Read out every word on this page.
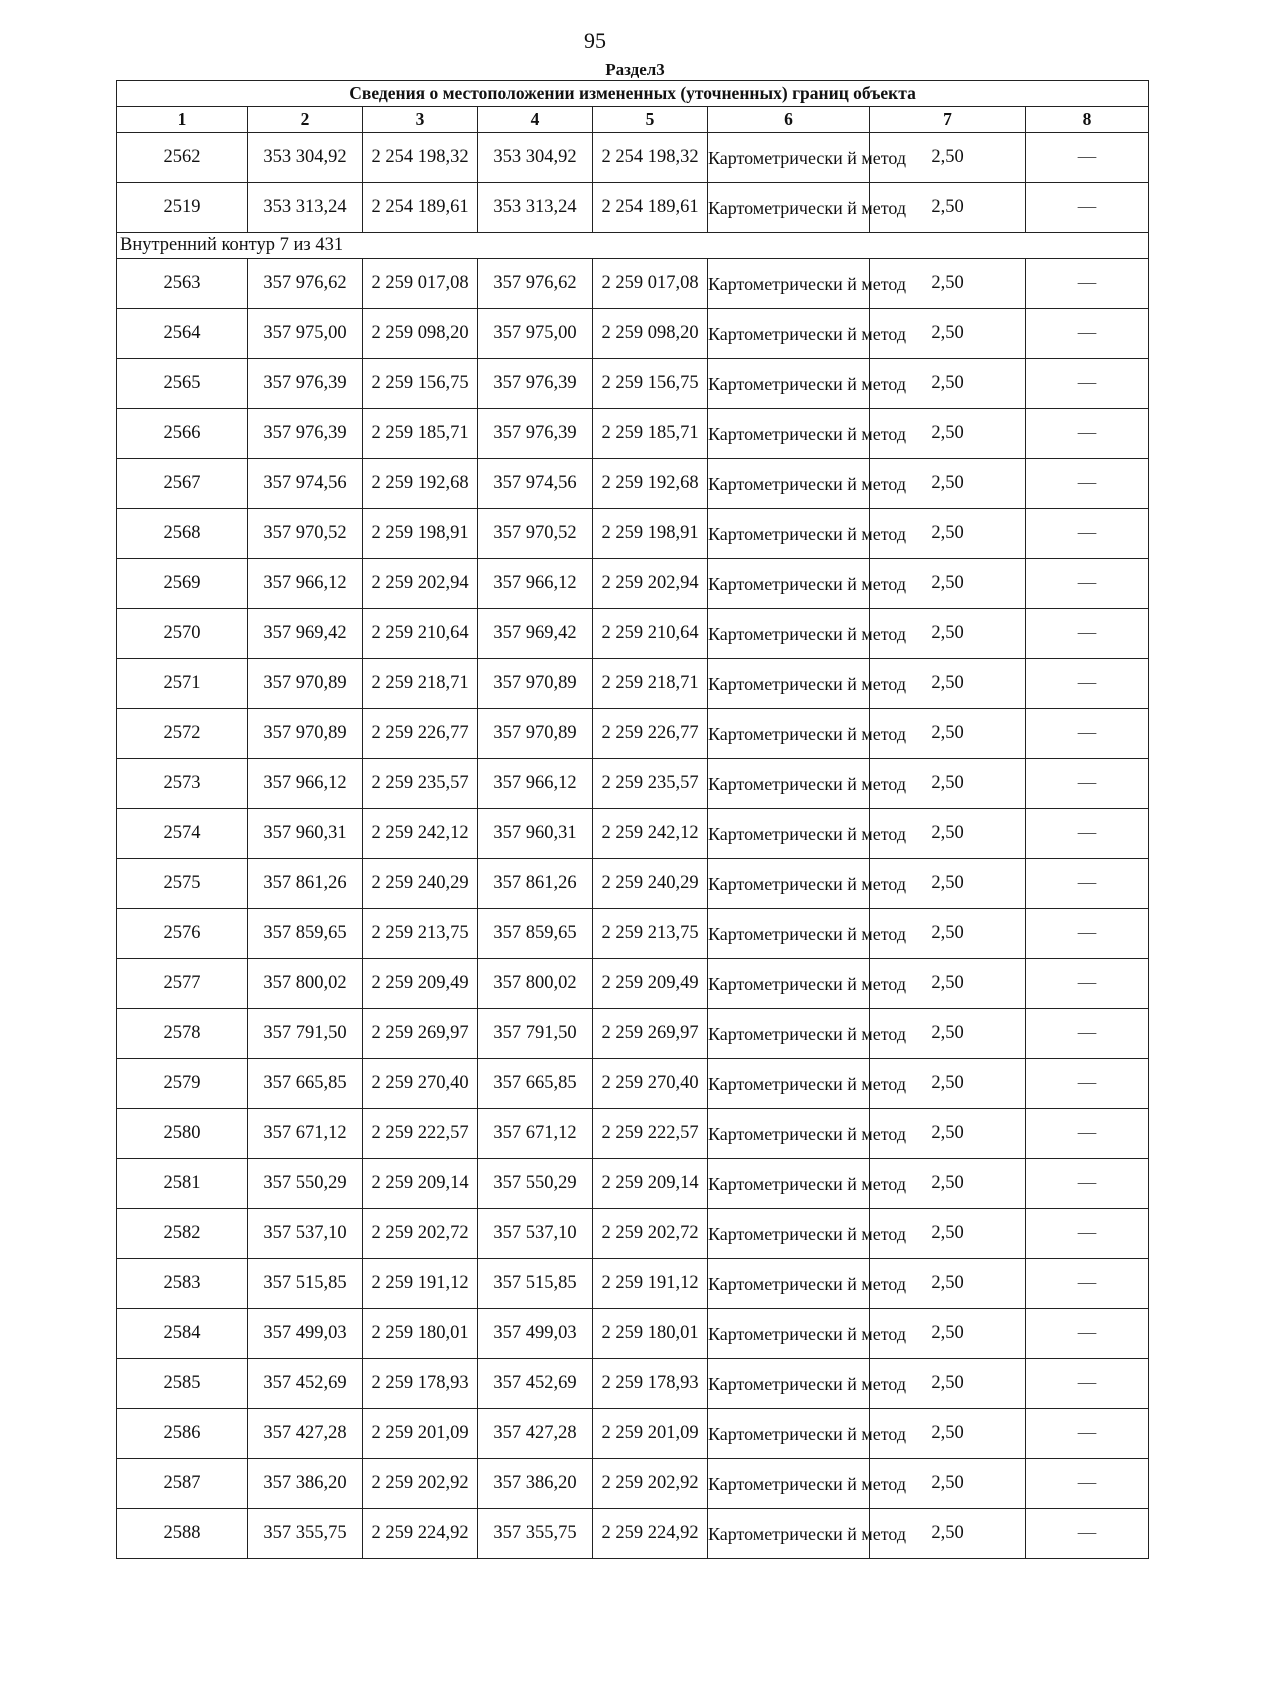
95
Раздел3
Сведения о местоположении измененных (уточненных) границ объекта							
1	2	3	4	5	6	7	8
2562	353 304,92	2 254 198,32	353 304,92	2 254 198,32	Картометрически й метод	2,50	—
2519	353 313,24	2 254 189,61	353 313,24	2 254 189,61	Картометрически й метод	2,50	—
Внутренний контур 7 из 431							
2563	357 976,62	2 259 017,08	357 976,62	2 259 017,08	Картометрически й метод	2,50	—
2564	357 975,00	2 259 098,20	357 975,00	2 259 098,20	Картометрически й метод	2,50	—
2565	357 976,39	2 259 156,75	357 976,39	2 259 156,75	Картометрически й метод	2,50	—
2566	357 976,39	2 259 185,71	357 976,39	2 259 185,71	Картометрически й метод	2,50	—
2567	357 974,56	2 259 192,68	357 974,56	2 259 192,68	Картометрически й метод	2,50	—
2568	357 970,52	2 259 198,91	357 970,52	2 259 198,91	Картометрически й метод	2,50	—
2569	357 966,12	2 259 202,94	357 966,12	2 259 202,94	Картометрически й метод	2,50	—
2570	357 969,42	2 259 210,64	357 969,42	2 259 210,64	Картометрически й метод	2,50	—
2571	357 970,89	2 259 218,71	357 970,89	2 259 218,71	Картометрически й метод	2,50	—
2572	357 970,89	2 259 226,77	357 970,89	2 259 226,77	Картометрически й метод	2,50	—
2573	357 966,12	2 259 235,57	357 966,12	2 259 235,57	Картометрически й метод	2,50	—
2574	357 960,31	2 259 242,12	357 960,31	2 259 242,12	Картометрически й метод	2,50	—
2575	357 861,26	2 259 240,29	357 861,26	2 259 240,29	Картометрически й метод	2,50	—
2576	357 859,65	2 259 213,75	357 859,65	2 259 213,75	Картометрически й метод	2,50	—
2577	357 800,02	2 259 209,49	357 800,02	2 259 209,49	Картометрически й метод	2,50	—
2578	357 791,50	2 259 269,97	357 791,50	2 259 269,97	Картометрически й метод	2,50	—
2579	357 665,85	2 259 270,40	357 665,85	2 259 270,40	Картометрически й метод	2,50	—
2580	357 671,12	2 259 222,57	357 671,12	2 259 222,57	Картометрически й метод	2,50	—
2581	357 550,29	2 259 209,14	357 550,29	2 259 209,14	Картометрически й метод	2,50	—
2582	357 537,10	2 259 202,72	357 537,10	2 259 202,72	Картометрически й метод	2,50	—
2583	357 515,85	2 259 191,12	357 515,85	2 259 191,12	Картометрически й метод	2,50	—
2584	357 499,03	2 259 180,01	357 499,03	2 259 180,01	Картометрически й метод	2,50	—
2585	357 452,69	2 259 178,93	357 452,69	2 259 178,93	Картометрически й метод	2,50	—
2586	357 427,28	2 259 201,09	357 427,28	2 259 201,09	Картометрически й метод	2,50	—
2587	357 386,20	2 259 202,92	357 386,20	2 259 202,92	Картометрически й метод	2,50	—
2588	357 355,75	2 259 224,92	357 355,75	2 259 224,92	Картометрически й метод	2,50	—
